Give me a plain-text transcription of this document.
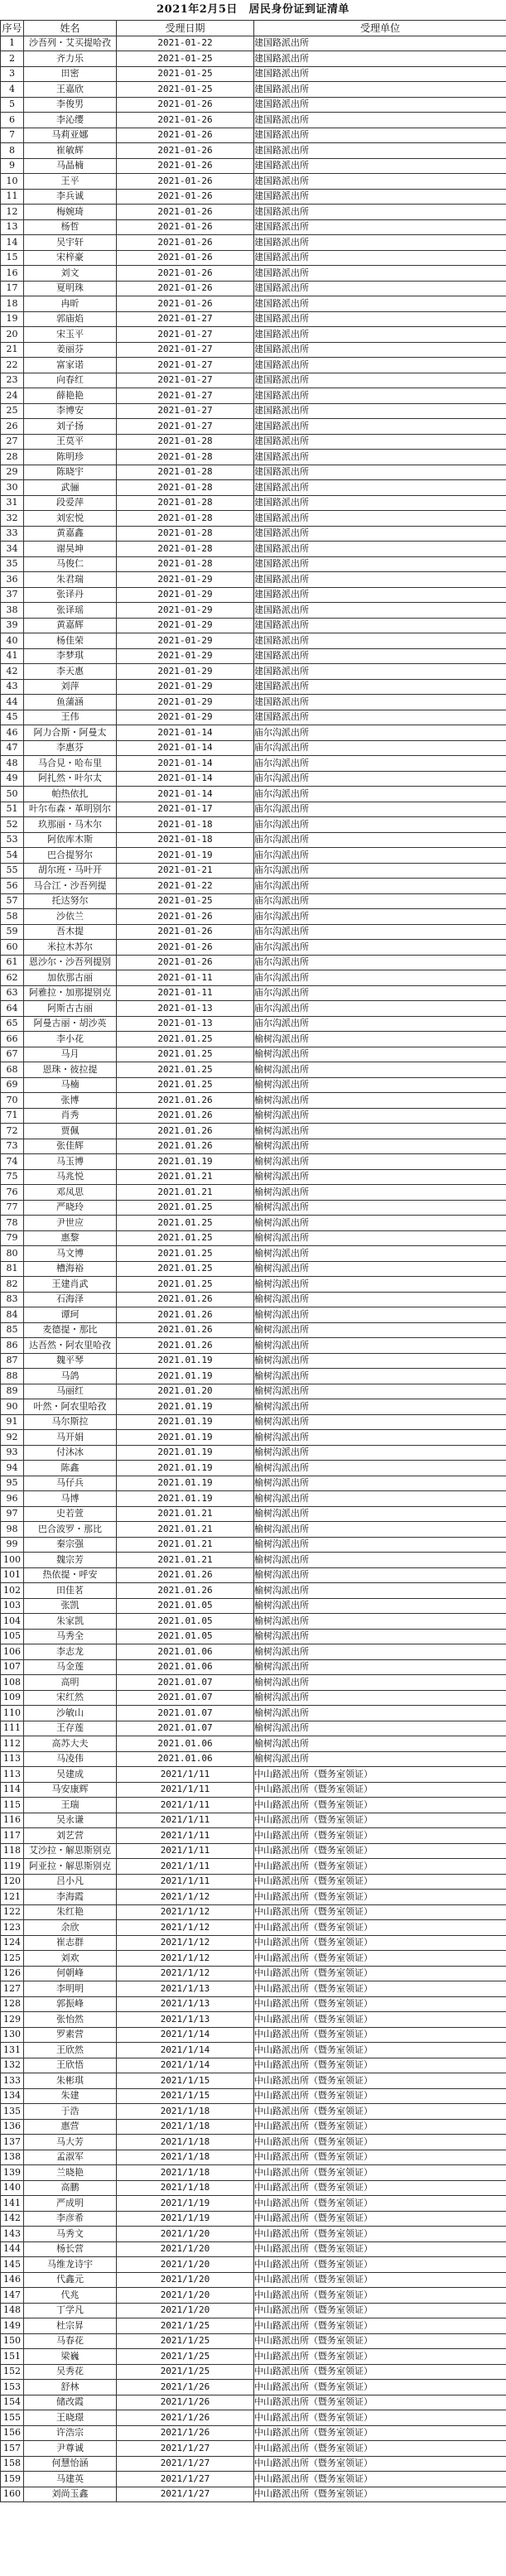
2021年2月5日　居民身份证到证清单
序号	姓名	受理日期	受理单位
1	沙吾列・艾买提哈孜	2021-01-22	建国路派出所
2	齐力乐	2021-01-25	建国路派出所
3	田密	2021-01-25	建国路派出所
4	王嘉欣	2021-01-25	建国路派出所
5	李俊男	2021-01-26	建国路派出所
6	李沁缨	2021-01-26	建国路派出所
7	马莉亚娜	2021-01-26	建国路派出所
8	崔敏辉	2021-01-26	建国路派出所
9	马晶楠	2021-01-26	建国路派出所
10	王平	2021-01-26	建国路派出所
11	李兵诚	2021-01-26	建国路派出所
12	梅婉琦	2021-01-26	建国路派出所
13	杨哲	2021-01-26	建国路派出所
14	吴宇轩	2021-01-26	建国路派出所
15	宋梓豪	2021-01-26	建国路派出所
16	刘文	2021-01-26	建国路派出所
17	夏明珠	2021-01-26	建国路派出所
18	冉昕	2021-01-26	建国路派出所
19	郭庙焰	2021-01-27	建国路派出所
20	宋玉平	2021-01-27	建国路派出所
21	姜丽芬	2021-01-27	建国路派出所
22	富家诺	2021-01-27	建国路派出所
23	向春红	2021-01-27	建国路派出所
24	薛艳艳	2021-01-27	建国路派出所
25	李博安	2021-01-27	建国路派出所
26	刘子扬	2021-01-27	建国路派出所
27	王莫平	2021-01-28	建国路派出所
28	陈明珍	2021-01-28	建国路派出所
29	陈晓宇	2021-01-28	建国路派出所
30	武骊	2021-01-28	建国路派出所
31	段爱萍	2021-01-28	建国路派出所
32	刘宏悦	2021-01-28	建国路派出所
33	黄嘉鑫	2021-01-28	建国路派出所
34	谢昊坤	2021-01-28	建国路派出所
35	马俊仁	2021-01-28	建国路派出所
36	朱君瑞	2021-01-29	建国路派出所
37	张译丹	2021-01-29	建国路派出所
38	张译瑶	2021-01-29	建国路派出所
39	黄嘉辉	2021-01-29	建国路派出所
40	杨佳荣	2021-01-29	建国路派出所
41	李梦琪	2021-01-29	建国路派出所
42	李天惠	2021-01-29	建国路派出所
43	刘萍	2021-01-29	建国路派出所
44	鱼蒲涵	2021-01-29	建国路派出所
45	王伟	2021-01-29	建国路派出所
46	阿力合斯・阿曼太	2021-01-14	庙尔沟派出所
47	李惠芬	2021-01-14	庙尔沟派出所
48	马合見・哈布里	2021-01-14	庙尔沟派出所
49	阿扎然・叶尔太	2021-01-14	庙尔沟派出所
50	帕热依扎	2021-01-14	庙尔沟派出所
51	叶尔布森・革明别尔	2021-01-17	庙尔沟派出所
52	玖那丽・马木尔	2021-01-18	庙尔沟派出所
53	阿依库木斯	2021-01-18	庙尔沟派出所
54	巴合提努尔	2021-01-19	庙尔沟派出所
55	胡尔班・马叶开	2021-01-21	庙尔沟派出所
56	马合江・沙吾列提	2021-01-22	庙尔沟派出所
57	托达努尔	2021-01-25	庙尔沟派出所
58	沙依兰	2021-01-26	庙尔沟派出所
59	吾木提	2021-01-26	庙尔沟派出所
60	米拉木苏尔	2021-01-26	庙尔沟派出所
61	恩沙尔・沙吾列提别	2021-01-26	庙尔沟派出所
62	加依那古丽	2021-01-11	庙尔沟派出所
63	阿雅拉・加那提别克	2021-01-11	庙尔沟派出所
64	阿斯古古丽	2021-01-13	庙尔沟派出所
65	阿曼古丽・胡沙英	2021-01-13	庙尔沟派出所
66	李小花	2021.01.25	榆树沟派出所
67	马月	2021.01.25	榆树沟派出所
68	恩珠・彼拉提	2021.01.25	榆树沟派出所
69	马楠	2021.01.25	榆树沟派出所
70	张博	2021.01.26	榆树沟派出所
71	肖秀	2021.01.26	榆树沟派出所
72	贾佩	2021.01.26	榆树沟派出所
73	张佳辉	2021.01.26	榆树沟派出所
74	马玉博	2021.01.19	榆树沟派出所
75	马兆悦	2021.01.21	榆树沟派出所
76	邓凤思	2021.01.21	榆树沟派出所
77	严晓玲	2021.01.25	榆树沟派出所
78	尹世应	2021.01.25	榆树沟派出所
79	惠黎	2021.01.25	榆树沟派出所
80	马文博	2021.01.25	榆树沟派出所
81	槽海裕	2021.01.25	榆树沟派出所
82	王建肖武	2021.01.25	榆树沟派出所
83	石海泽	2021.01.26	榆树沟派出所
84	谭珂	2021.01.26	榆树沟派出所
85	麦德提・那比	2021.01.26	榆树沟派出所
86	达吾然・阿农里哈孜	2021.01.26	榆树沟派出所
87	魏平琴	2021.01.19	榆树沟派出所
88	马鸽	2021.01.19	榆树沟派出所
89	马丽红	2021.01.20	榆树沟派出所
90	叶然・阿农里哈孜	2021.01.19	榆树沟派出所
91	马尔斯拉	2021.01.19	榆树沟派出所
92	马开娟	2021.01.19	榆树沟派出所
93	付沐冰	2021.01.19	榆树沟派出所
94	陈鑫	2021.01.19	榆树沟派出所
95	马仔兵	2021.01.19	榆树沟派出所
96	马博	2021.01.19	榆树沟派出所
97	史若萱	2021.01.21	榆树沟派出所
98	巴合波罗・那比	2021.01.21	榆树沟派出所
99	秦宗强	2021.01.21	榆树沟派出所
100	魏宗芳	2021.01.21	榆树沟派出所
101	热依提・呼安	2021.01.26	榆树沟派出所
102	田佳茗	2021.01.26	榆树沟派出所
103	张凯	2021.01.05	榆树沟派出所
104	朱家凯	2021.01.05	榆树沟派出所
105	马秀全	2021.01.05	榆树沟派出所
106	李志龙	2021.01.06	榆树沟派出所
107	马金莲	2021.01.06	榆树沟派出所
108	高明	2021.01.07	榆树沟派出所
109	宋红然	2021.01.07	榆树沟派出所
110	沙敏山	2021.01.07	榆树沟派出所
111	王存莲	2021.01.07	榆树沟派出所
112	高苏大夫	2021.01.06	榆树沟派出所
113	马凌伟	2021.01.06	榆树沟派出所
113	吴建成	2021/1/11	中山路派出所（暨务室领证）
114	马安康辉	2021/1/11	中山路派出所（暨务室领证）
115	王瑞	2021/1/11	中山路派出所（暨务室领证）
116	吴永谦	2021/1/11	中山路派出所（暨务室领证）
117	刘艺营	2021/1/11	中山路派出所（暨务室领证）
118	艾沙拉・解思斯别克	2021/1/11	中山路派出所（暨务室领证）
119	阿亚拉・解思斯别克	2021/1/11	中山路派出所（暨务室领证）
120	吕小凡	2021/1/11	中山路派出所（暨务室领证）
121	李海霞	2021/1/12	中山路派出所（暨务室领证）
122	朱红艳	2021/1/12	中山路派出所（暨务室领证）
123	余欣	2021/1/12	中山路派出所（暨务室领证）
124	崔志群	2021/1/12	中山路派出所（暨务室领证）
125	刘欢	2021/1/12	中山路派出所（暨务室领证）
126	何朝峰	2021/1/12	中山路派出所（暨务室领证）
127	李明明	2021/1/13	中山路派出所（暨务室领证）
128	郭振峰	2021/1/13	中山路派出所（暨务室领证）
129	张怡然	2021/1/13	中山路派出所（暨务室领证）
130	罗素营	2021/1/14	中山路派出所（暨务室领证）
131	王欣然	2021/1/14	中山路派出所（暨务室领证）
132	王欣悟	2021/1/14	中山路派出所（暨务室领证）
133	朱彬琪	2021/1/15	中山路派出所（暨务室领证）
134	朱建	2021/1/15	中山路派出所（暨务室领证）
135	于浩	2021/1/18	中山路派出所（暨务室领证）
136	惠营	2021/1/18	中山路派出所（暨务室领证）
137	马大芳	2021/1/18	中山路派出所（暨务室领证）
138	孟淑军	2021/1/18	中山路派出所（暨务室领证）
139	兰晓艳	2021/1/18	中山路派出所（暨务室领证）
140	高鹏	2021/1/18	中山路派出所（暨务室领证）
141	严成明	2021/1/19	中山路派出所（暨务室领证）
142	李彦希	2021/1/19	中山路派出所（暨务室领证）
143	马秀文	2021/1/20	中山路派出所（暨务室领证）
144	杨长营	2021/1/20	中山路派出所（暨务室领证）
145	马维龙诗宇	2021/1/20	中山路派出所（暨务室领证）
146	代鑫元	2021/1/20	中山路派出所（暨务室领证）
147	代兆	2021/1/20	中山路派出所（暨务室领证）
148	丁学凡	2021/1/20	中山路派出所（暨务室领证）
149	杜宗昇	2021/1/25	中山路派出所（暨务室领证）
150	马春花	2021/1/25	中山路派出所（暨务室领证）
151	梁巍	2021/1/25	中山路派出所（暨务室领证）
152	吴秀花	2021/1/25	中山路派出所（暨务室领证）
153	舒林	2021/1/26	中山路派出所（暨务室领证）
154	储改霞	2021/1/26	中山路派出所（暨务室领证）
155	王晓璟	2021/1/26	中山路派出所（暨务室领证）
156	许浩宗	2021/1/26	中山路派出所（暨务室领证）
157	尹尊诚	2021/1/27	中山路派出所（暨务室领证）
158	何慧怡涵	2021/1/27	中山路派出所（暨务室领证）
159	马建英	2021/1/27	中山路派出所（暨务室领证）
160	刘尚玉鑫	2021/1/27	中山路派出所（暨务室领证）
